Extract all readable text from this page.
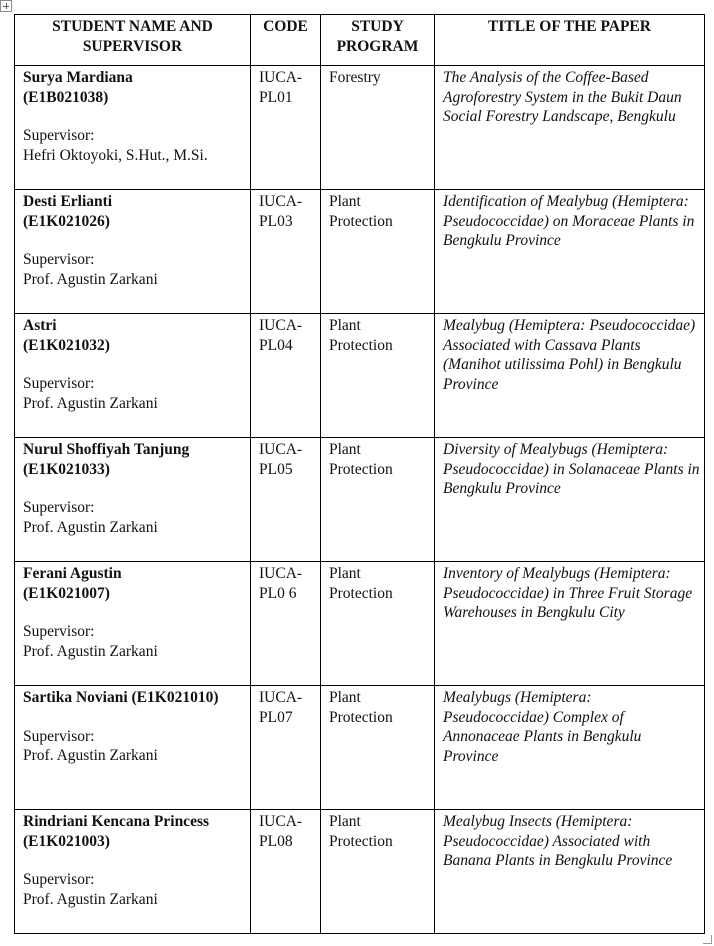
STUDENT NAME AND SUPERVISOR	CODE	STUDY PROGRAM	TITLE OF THE PAPER

Surya Mardiana
(E1B021038)
Supervisor:
Hefri Oktoyoki, S.Hut., M.Si.	IUCA-PL01	Forestry	The Analysis of the Coffee-Based Agroforestry System in the Bukit Daun Social Forestry Landscape, Bengkulu

Desti Erlianti
(E1K021026)
Supervisor:
Prof. Agustin Zarkani	IUCA-PL03	Plant Protection	Identification of Mealybug (Hemiptera: Pseudococcidae) on Moraceae Plants in Bengkulu Province

Astri
(E1K021032)
Supervisor:
Prof. Agustin Zarkani	IUCA-PL04	Plant Protection	Mealybug (Hemiptera: Pseudococcidae) Associated with Cassava Plants (Manihot utilissima Pohl) in Bengkulu Province

Nurul Shoffiyah Tanjung
(E1K021033)
Supervisor:
Prof. Agustin Zarkani	IUCA-PL05	Plant Protection	Diversity of Mealybugs (Hemiptera: Pseudococcidae) in Solanaceae Plants in Bengkulu Province

Ferani Agustin
(E1K021007)
Supervisor:
Prof. Agustin Zarkani	IUCA-PL0 6	Plant Protection	Inventory of Mealybugs (Hemiptera: Pseudococcidae) in Three Fruit Storage Warehouses in Bengkulu City

Sartika Noviani (E1K021010)
Supervisor:
Prof. Agustin Zarkani	IUCA-PL07	Plant Protection	Mealybugs (Hemiptera: Pseudococcidae) Complex of Annonaceae Plants in Bengkulu Province

Rindriani Kencana Princess
(E1K021003)
Supervisor:
Prof. Agustin Zarkani	IUCA-PL08	Plant Protection	Mealybug Insects (Hemiptera: Pseudococcidae) Associated with Banana Plants in Bengkulu Province
